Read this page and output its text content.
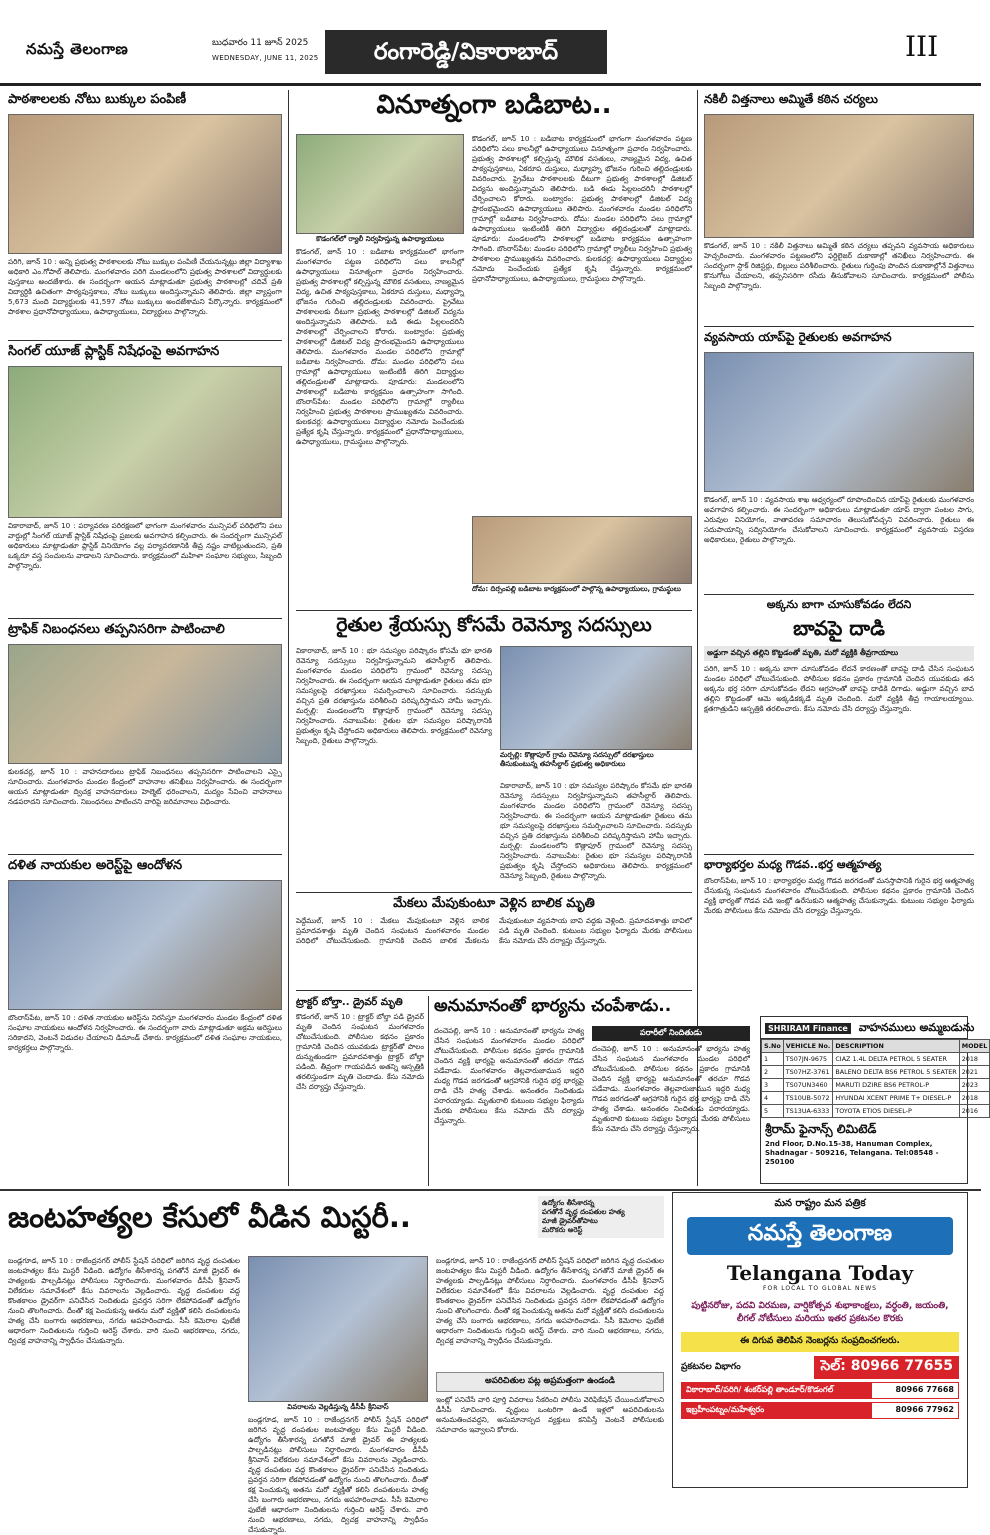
నమస్తే తెలంగాణ	బుధవారం 11 జూన్ 2025
WEDNESDAY, JUNE 11, 2025	రంగారెడ్డి/వికారాబాద్	III
పాఠశాలలకు నోటు బుక్కుల పంపిణీ
పరిగి, జూన్ 10 : అన్ని ప్రభుత్వ పాఠశాలలకు నోటు బుక్కుల పంపిణీ చేయనున్నట్లు జిల్లా విద్యాశాఖ అధికారి ఎం.గోపాల్ తెలిపారు. మంగళవారం పరిగి మండలంలోని ప్రభుత్వ పాఠశాలలో విద్యార్థులకు పుస్తకాలు అందజేశారు. ఈ సందర్భంగా ఆయన మాట్లాడుతూ ప్రభుత్వ పాఠశాలల్లో చదివే ప్రతి విద్యార్థికి ఉచితంగా పాఠ్యపుస్తకాలు, నోటు బుక్కులు అందిస్తున్నామని తెలిపారు. జిల్లా వ్యాప్తంగా 5,673 మంది విద్యార్థులకు 41,597 నోటు బుక్కులు అందజేశామని పేర్కొన్నారు. కార్యక్రమంలో పాఠశాల ప్రధానోపాధ్యాయులు, ఉపాధ్యాయులు, విద్యార్థులు పాల్గొన్నారు.
సింగల్ యూజ్ ప్లాస్టిక్ నిషేధంపై అవగాహన
వికారాబాద్, జూన్ 10 : పర్యావరణ పరిరక్షణలో భాగంగా మంగళవారం మున్సిపల్ పరిధిలోని పలు వార్డుల్లో సింగల్ యూజ్ ప్లాస్టిక్ నిషేధంపై ప్రజలకు అవగాహన కల్పించారు. ఈ సందర్భంగా మున్సిపల్ అధికారులు మాట్లాడుతూ ప్లాస్టిక్ వినియోగం వల్ల పర్యావరణానికి తీవ్ర నష్టం వాటిల్లుతుందని, ప్రతి ఒక్కరూ వస్త్ర సంచులను వాడాలని సూచించారు. కార్యక్రమంలో మహిళా సంఘాల సభ్యులు, సిబ్బంది పాల్గొన్నారు.
ట్రాఫిక్ నిబంధనలు తప్పనిసరిగా పాటించాలి
కులకచర్ల, జూన్ 10 : వాహనదారులు ట్రాఫిక్ నిబంధనలు తప్పనిసరిగా పాటించాలని ఎస్సై సూచించారు. మంగళవారం మండల కేంద్రంలో వాహనాల తనిఖీలు నిర్వహించారు. ఈ సందర్భంగా ఆయన మాట్లాడుతూ ద్విచక్ర వాహనదారులు హెల్మెట్ ధరించాలని, మద్యం సేవించి వాహనాలు నడపరాదని సూచించారు. నిబంధనలు పాటించని వారిపై జరిమానాలు విధించారు.
దళిత నాయకుల అరెస్ట్‌పై ఆందోళన
బొంరాస్‌పేట, జూన్ 10 : దళిత నాయకుల అరెస్ట్‌ను నిరసిస్తూ మంగళవారం మండల కేంద్రంలో దళిత సంఘాల నాయకులు ఆందోళన నిర్వహించారు. ఈ సందర్భంగా వారు మాట్లాడుతూ అక్రమ అరెస్టులు సరికాదని, వెంటనే విడుదల చేయాలని డిమాండ్ చేశారు. కార్యక్రమంలో దళిత సంఘాల నాయకులు, కార్యకర్తలు పాల్గొన్నారు.
వినూత్నంగా బడిబాట..
కొడంగల్‌లో ర్యాలీ నిర్వహిస్తున్న ఉపాధ్యాయులు
కొడంగల్, జూన్ 10 : బడిబాట కార్యక్రమంలో భాగంగా మంగళవారం పట్టణ పరిధిలోని పలు కాలనీల్లో ఉపాధ్యాయులు వినూత్నంగా ప్రచారం నిర్వహించారు. ప్రభుత్వ పాఠశాలల్లో కల్పిస్తున్న మౌలిక వసతులు, నాణ్యమైన విద్య, ఉచిత పాఠ్యపుస్తకాలు, ఏకరూప దుస్తులు, మధ్యాహ్న భోజనం గురించి తల్లిదండ్రులకు వివరించారు. ప్రైవేటు పాఠశాలలకు దీటుగా ప్రభుత్వ పాఠశాలల్లో డిజిటల్ విద్యను అందిస్తున్నామని తెలిపారు. బడి ఈడు పిల్లలందరినీ పాఠశాలల్లో చేర్పించాలని కోరారు. బంట్వారం: ప్రభుత్వ పాఠశాలల్లో డిజిటల్ విద్య ప్రారంభమైందని ఉపాధ్యాయులు తెలిపారు. మంగళవారం మండల పరిధిలోని గ్రామాల్లో బడిబాట నిర్వహించారు. దోమ: మండల పరిధిలోని పలు గ్రామాల్లో ఉపాధ్యాయులు ఇంటింటికీ తిరిగి విద్యార్థుల తల్లిదండ్రులతో మాట్లాడారు. పూడూరు: మండలంలోని పాఠశాలల్లో బడిబాట కార్యక్రమం ఉత్సాహంగా సాగింది. బొంరాస్‌పేట: మండల పరిధిలోని గ్రామాల్లో ర్యాలీలు నిర్వహించి ప్రభుత్వ పాఠశాలల ప్రాముఖ్యతను వివరించారు. కులకచర్ల: ఉపాధ్యాయులు విద్యార్థుల నమోదు పెంచేందుకు ప్రత్యేక కృషి చేస్తున్నారు. కార్యక్రమంలో ప్రధానోపాధ్యాయులు, ఉపాధ్యాయులు, గ్రామస్థులు పాల్గొన్నారు.
కొడంగల్, జూన్ 10 : బడిబాట కార్యక్రమంలో భాగంగా మంగళవారం పట్టణ పరిధిలోని పలు కాలనీల్లో ఉపాధ్యాయులు వినూత్నంగా ప్రచారం నిర్వహించారు. ప్రభుత్వ పాఠశాలల్లో కల్పిస్తున్న మౌలిక వసతులు, నాణ్యమైన విద్య, ఉచిత పాఠ్యపుస్తకాలు, ఏకరూప దుస్తులు, మధ్యాహ్న భోజనం గురించి తల్లిదండ్రులకు వివరించారు. ప్రైవేటు పాఠశాలలకు దీటుగా ప్రభుత్వ పాఠశాలల్లో డిజిటల్ విద్యను అందిస్తున్నామని తెలిపారు. బడి ఈడు పిల్లలందరినీ పాఠశాలల్లో చేర్పించాలని కోరారు. బంట్వారం: ప్రభుత్వ పాఠశాలల్లో డిజిటల్ విద్య ప్రారంభమైందని ఉపాధ్యాయులు తెలిపారు. మంగళవారం మండల పరిధిలోని గ్రామాల్లో బడిబాట నిర్వహించారు. దోమ: మండల పరిధిలోని పలు గ్రామాల్లో ఉపాధ్యాయులు ఇంటింటికీ తిరిగి విద్యార్థుల తల్లిదండ్రులతో మాట్లాడారు. పూడూరు: మండలంలోని పాఠశాలల్లో బడిబాట కార్యక్రమం ఉత్సాహంగా సాగింది. బొంరాస్‌పేట: మండల పరిధిలోని గ్రామాల్లో ర్యాలీలు నిర్వహించి ప్రభుత్వ పాఠశాలల ప్రాముఖ్యతను వివరించారు. కులకచర్ల: ఉపాధ్యాయులు విద్యార్థుల నమోదు పెంచేందుకు ప్రత్యేక కృషి చేస్తున్నారు. కార్యక్రమంలో ప్రధానోపాధ్యాయులు, ఉపాధ్యాయులు, గ్రామస్థులు పాల్గొన్నారు.
దోమ: దిర్సంపల్లి బడిబాట కార్యక్రమంలో పాల్గొన్న ఉపాధ్యాయులు, గ్రామస్థులు
రైతుల శ్రేయస్సు కోసమే రెవెన్యూ సదస్సులు
వికారాబాద్, జూన్ 10 : భూ సమస్యల పరిష్కారం కోసమే భూ భారతి రెవెన్యూ సదస్సులు నిర్వహిస్తున్నామని తహసీల్దార్ తెలిపారు. మంగళవారం మండల పరిధిలోని గ్రామంలో రెవెన్యూ సదస్సు నిర్వహించారు. ఈ సందర్భంగా ఆయన మాట్లాడుతూ రైతులు తమ భూ సమస్యలపై దరఖాస్తులు సమర్పించాలని సూచించారు. సదస్సుకు వచ్చిన ప్రతి దరఖాస్తును పరిశీలించి పరిష్కరిస్తామని హామీ ఇచ్చారు. మర్పల్లి: మండలంలోని కొత్లాపూర్ గ్రామంలో రెవెన్యూ సదస్సు నిర్వహించారు. నవాబుపేట: రైతుల భూ సమస్యల పరిష్కారానికి ప్రభుత్వం కృషి చేస్తోందని అధికారులు తెలిపారు. కార్యక్రమంలో రెవెన్యూ సిబ్బంది, రైతులు పాల్గొన్నారు.
మర్పల్లి: కొత్లాపూర్ గ్రామ రెవెన్యూ సదస్సులో దరఖాస్తులు తీసుకుంటున్న తహసీల్దార్ ప్రభుత్వ అధికారులు
వికారాబాద్, జూన్ 10 : భూ సమస్యల పరిష్కారం కోసమే భూ భారతి రెవెన్యూ సదస్సులు నిర్వహిస్తున్నామని తహసీల్దార్ తెలిపారు. మంగళవారం మండల పరిధిలోని గ్రామంలో రెవెన్యూ సదస్సు నిర్వహించారు. ఈ సందర్భంగా ఆయన మాట్లాడుతూ రైతులు తమ భూ సమస్యలపై దరఖాస్తులు సమర్పించాలని సూచించారు. సదస్సుకు వచ్చిన ప్రతి దరఖాస్తును పరిశీలించి పరిష్కరిస్తామని హామీ ఇచ్చారు. మర్పల్లి: మండలంలోని కొత్లాపూర్ గ్రామంలో రెవెన్యూ సదస్సు నిర్వహించారు. నవాబుపేట: రైతుల భూ సమస్యల పరిష్కారానికి ప్రభుత్వం కృషి చేస్తోందని అధికారులు తెలిపారు. కార్యక్రమంలో రెవెన్యూ సిబ్బంది, రైతులు పాల్గొన్నారు.
మేకలు మేపుకుంటూ వెళ్లిన బాలిక మృతి
పెద్దేముల్, జూన్ 10 : మేకలు మేపుకుంటూ వెళ్లిన బాలిక ప్రమాదవశాత్తు మృతి చెందిన సంఘటన మంగళవారం మండల పరిధిలో చోటుచేసుకుంది. గ్రామానికి చెందిన బాలిక మేకలను మేపుకుంటూ వ్యవసాయ బావి వద్దకు వెళ్లింది. ప్రమాదవశాత్తు బావిలో పడి మృతి చెందింది. కుటుంబ సభ్యుల ఫిర్యాదు మేరకు పోలీసులు కేసు నమోదు చేసి దర్యాప్తు చేస్తున్నారు.
ట్రాక్టర్ బోల్తా.. డ్రైవర్ మృతి
కొడంగల్, జూన్ 10 : ట్రాక్టర్ బోల్తా పడి డ్రైవర్ మృతి చెందిన సంఘటన మంగళవారం చోటుచేసుకుంది. పోలీసుల కథనం ప్రకారం గ్రామానికి చెందిన యువకుడు ట్రాక్టర్‌తో పొలం దున్నుతుండగా ప్రమాదవశాత్తు ట్రాక్టర్ బోల్తా పడింది. తీవ్రంగా గాయపడిన అతన్ని ఆస్పత్రికి తరలిస్తుండగా మృతి చెందాడు. కేసు నమోదు చేసి దర్యాప్తు చేస్తున్నారు.
అనుమానంతో భార్యను చంపేశాడు..
దంచెపల్లి, జూన్ 10 : అనుమానంతో భార్యను హత్య చేసిన సంఘటన మంగళవారం మండల పరిధిలో చోటుచేసుకుంది. పోలీసుల కథనం ప్రకారం గ్రామానికి చెందిన వ్యక్తి భార్యపై అనుమానంతో తరచూ గొడవ పడేవాడు. మంగళవారం తెల్లవారుజామున ఇద్దరి మధ్య గొడవ జరగడంతో ఆగ్రహానికి గురైన భర్త భార్యపై దాడి చేసి హత్య చేశాడు. అనంతరం నిందితుడు పరారయ్యాడు. మృతురాలి కుటుంబ సభ్యుల ఫిర్యాదు మేరకు పోలీసులు కేసు నమోదు చేసి దర్యాప్తు చేస్తున్నారు.
పరారీలో నిందితుడు
దంచెపల్లి, జూన్ 10 : అనుమానంతో భార్యను హత్య చేసిన సంఘటన మంగళవారం మండల పరిధిలో చోటుచేసుకుంది. పోలీసుల కథనం ప్రకారం గ్రామానికి చెందిన వ్యక్తి భార్యపై అనుమానంతో తరచూ గొడవ పడేవాడు. మంగళవారం తెల్లవారుజామున ఇద్దరి మధ్య గొడవ జరగడంతో ఆగ్రహానికి గురైన భర్త భార్యపై దాడి చేసి హత్య చేశాడు. అనంతరం నిందితుడు పరారయ్యాడు. మృతురాలి కుటుంబ సభ్యుల ఫిర్యాదు మేరకు పోలీసులు కేసు నమోదు చేసి దర్యాప్తు చేస్తున్నారు.
నకిలీ విత్తనాలు అమ్మితే కఠిన చర్యలు
కొడంగల్, జూన్ 10 : నకిలీ విత్తనాలు అమ్మితే కఠిన చర్యలు తప్పవని వ్యవసాయ అధికారులు హెచ్చరించారు. మంగళవారం పట్టణంలోని ఫర్టిలైజర్ దుకాణాల్లో తనిఖీలు నిర్వహించారు. ఈ సందర్భంగా స్టాక్ రిజిస్టర్లు, బిల్లులు పరిశీలించారు. రైతులు గుర్తింపు పొందిన దుకాణాల్లోనే విత్తనాలు కొనుగోలు చేయాలని, తప్పనిసరిగా రసీదు తీసుకోవాలని సూచించారు. కార్యక్రమంలో పోలీసు సిబ్బంది పాల్గొన్నారు.
వ్యవసాయ యాప్‌పై రైతులకు అవగాహన
కొడంగల్, జూన్ 10 : వ్యవసాయ శాఖ ఆధ్వర్యంలో రూపొందించిన యాప్‌పై రైతులకు మంగళవారం అవగాహన కల్పించారు. ఈ సందర్భంగా అధికారులు మాట్లాడుతూ యాప్ ద్వారా పంటల సాగు, ఎరువుల వినియోగం, వాతావరణ సమాచారం తెలుసుకోవచ్చని వివరించారు. రైతులు ఈ సదుపాయాన్ని సద్వినియోగం చేసుకోవాలని సూచించారు. కార్యక్రమంలో వ్యవసాయ విస్తరణ అధికారులు, రైతులు పాల్గొన్నారు.
అక్కను బాగా చూసుకోవడం లేదని
బావపై దాడి
అడ్డుగా వచ్చిన తల్లిని కొట్టడంతో మృతి, మరో వ్యక్తికి తీవ్రగాయాలు
పరిగి, జూన్ 10 : అక్కను బాగా చూసుకోవడం లేదనే కారణంతో బావపై దాడి చేసిన సంఘటన మండల పరిధిలో చోటుచేసుకుంది. పోలీసుల కథనం ప్రకారం గ్రామానికి చెందిన యువకుడు తన అక్కను భర్త సరిగా చూసుకోవడం లేదని ఆగ్రహంతో బావపై దాడికి దిగాడు. అడ్డుగా వచ్చిన బావ తల్లిని కొట్టడంతో ఆమె అక్కడికక్కడే మృతి చెందింది. మరో వ్యక్తికి తీవ్ర గాయాలయ్యాయి. క్షతగాత్రుడిని ఆస్పత్రికి తరలించారు. కేసు నమోదు చేసి దర్యాప్తు చేస్తున్నారు.
భార్యాభర్తల మధ్య గొడవ..భర్త ఆత్మహత్య
బొంరాస్‌పేట, జూన్ 10 : భార్యాభర్తల మధ్య గొడవ జరగడంతో మనస్తాపానికి గురైన భర్త ఆత్మహత్య చేసుకున్న సంఘటన మంగళవారం చోటుచేసుకుంది. పోలీసుల కథనం ప్రకారం గ్రామానికి చెందిన వ్యక్తి భార్యతో గొడవ పడి ఇంట్లో ఉరేసుకుని ఆత్మహత్య చేసుకున్నాడు. కుటుంబ సభ్యుల ఫిర్యాదు మేరకు పోలీసులు కేసు నమోదు చేసి దర్యాప్తు చేస్తున్నారు.
SHRIRAM Finance వాహనములు అమ్మబడును
S.No	VEHICLE No.	DESCRIPTION	MODEL
1	TS07JN-9675	CIAZ 1.4L DELTA PETROL 5 SEATER	2018
2	TS07HZ-3761	BALENO DELTA BS6 PETROL 5 SEATER	2021
3	TS07UN3460	MARUTI DZIRE BS6 PETROL-P	2023
4	TS10UB-5072	HYUNDAI XCENT PRIME T+ DIESEL-P	2018
5	TS13UA-6333	TOYOTA ETIOS DIESEL-P	2016
శ్రీరామ్ ఫైనాన్స్ లిమిటెడ్
2nd Floor, D.No.15-38, Hanuman Complex,
Shadnagar - 509216, Telangana. Tel:08548 - 250100
జంటహత్యల కేసులో వీడిన మిస్టరీ..	ఉద్యోగం తీసేశారన్న
పగతోనే వృద్ధ దంపతుల హత్య
మాజీ డ్రైవర్‌తోపాటు
మరొకరు అరెస్ట్
బండ్లగూడ, జూన్ 10 : రాజేంద్రనగర్ పోలీస్ స్టేషన్ పరిధిలో జరిగిన వృద్ధ దంపతుల జంటహత్యల కేసు మిస్టరీ వీడింది. ఉద్యోగం తీసేశారన్న పగతోనే మాజీ డ్రైవర్ ఈ హత్యలకు పాల్పడినట్లు పోలీసులు నిర్ధారించారు. మంగళవారం డీసీపీ శ్రీనివాస్ విలేకరుల సమావేశంలో కేసు వివరాలను వెల్లడించారు. వృద్ధ దంపతుల వద్ద కొంతకాలం డ్రైవర్‌గా పనిచేసిన నిందితుడు ప్రవర్తన సరిగా లేకపోవడంతో ఉద్యోగం నుంచి తొలగించారు. దీంతో కక్ష పెంచుకున్న అతను మరో వ్యక్తితో కలిసి దంపతులను హత్య చేసి బంగారు ఆభరణాలు, నగదు అపహరించాడు. సీసీ కెమెరాల ఫుటేజీ ఆధారంగా నిందితులను గుర్తించి అరెస్ట్ చేశారు. వారి నుంచి ఆభరణాలు, నగదు, ద్విచక్ర వాహనాన్ని స్వాధీనం చేసుకున్నారు.
వివరాలను వెల్లడిస్తున్న డీసీపీ శ్రీనివాస్
బండ్లగూడ, జూన్ 10 : రాజేంద్రనగర్ పోలీస్ స్టేషన్ పరిధిలో జరిగిన వృద్ధ దంపతుల జంటహత్యల కేసు మిస్టరీ వీడింది. ఉద్యోగం తీసేశారన్న పగతోనే మాజీ డ్రైవర్ ఈ హత్యలకు పాల్పడినట్లు పోలీసులు నిర్ధారించారు. మంగళవారం డీసీపీ శ్రీనివాస్ విలేకరుల సమావేశంలో కేసు వివరాలను వెల్లడించారు. వృద్ధ దంపతుల వద్ద కొంతకాలం డ్రైవర్‌గా పనిచేసిన నిందితుడు ప్రవర్తన సరిగా లేకపోవడంతో ఉద్యోగం నుంచి తొలగించారు. దీంతో కక్ష పెంచుకున్న అతను మరో వ్యక్తితో కలిసి దంపతులను హత్య చేసి బంగారు ఆభరణాలు, నగదు అపహరించాడు. సీసీ కెమెరాల ఫుటేజీ ఆధారంగా నిందితులను గుర్తించి అరెస్ట్ చేశారు. వారి నుంచి ఆభరణాలు, నగదు, ద్విచక్ర వాహనాన్ని స్వాధీనం చేసుకున్నారు.
బండ్లగూడ, జూన్ 10 : రాజేంద్రనగర్ పోలీస్ స్టేషన్ పరిధిలో జరిగిన వృద్ధ దంపతుల జంటహత్యల కేసు మిస్టరీ వీడింది. ఉద్యోగం తీసేశారన్న పగతోనే మాజీ డ్రైవర్ ఈ హత్యలకు పాల్పడినట్లు పోలీసులు నిర్ధారించారు. మంగళవారం డీసీపీ శ్రీనివాస్ విలేకరుల సమావేశంలో కేసు వివరాలను వెల్లడించారు. వృద్ధ దంపతుల వద్ద కొంతకాలం డ్రైవర్‌గా పనిచేసిన నిందితుడు ప్రవర్తన సరిగా లేకపోవడంతో ఉద్యోగం నుంచి తొలగించారు. దీంతో కక్ష పెంచుకున్న అతను మరో వ్యక్తితో కలిసి దంపతులను హత్య చేసి బంగారు ఆభరణాలు, నగదు అపహరించాడు. సీసీ కెమెరాల ఫుటేజీ ఆధారంగా నిందితులను గుర్తించి అరెస్ట్ చేశారు. వారి నుంచి ఆభరణాలు, నగదు, ద్విచక్ర వాహనాన్ని స్వాధీనం చేసుకున్నారు.
అపరిచితుల పట్ల అప్రమత్తంగా ఉండండి
ఇంట్లో పనిచేసే వారి పూర్తి వివరాలు సేకరించి పోలీసు వెరిఫికేషన్ చేయించుకోవాలని డీసీపీ సూచించారు. వృద్ధులు ఒంటరిగా ఉండే ఇళ్లలో అపరిచితులను అనుమతించవద్దని, అనుమానాస్పద వ్యక్తులు కనిపిస్తే వెంటనే పోలీసులకు సమాచారం ఇవ్వాలని కోరారు.
మన రాష్ట్రం మన పత్రిక
నమస్తే తెలంగాణ
Telangana Today
FOR LOCAL TO GLOBAL NEWS
పుట్టినరోజు, పదవి విరమణ, వార్షికోత్సవ శుభాకాంక్షలు, వర్ధంతి, జయంతి, లీగల్ నోటీసులు మరియు ఇతర ప్రకటనల కొరకు
ఈ దిగువ తెలిపిన నెంబర్లను సంప్రదించగలరు.
ప్రకటనల విభాగం	సెల్: 80966 77655
వికారాబాద్/పరిగి/ శంకర్‌పల్లి తాండూర్/కొడంగల్	80966 77668
ఇబ్రహీంపట్నం/మహేశ్వరం	80966 77962
